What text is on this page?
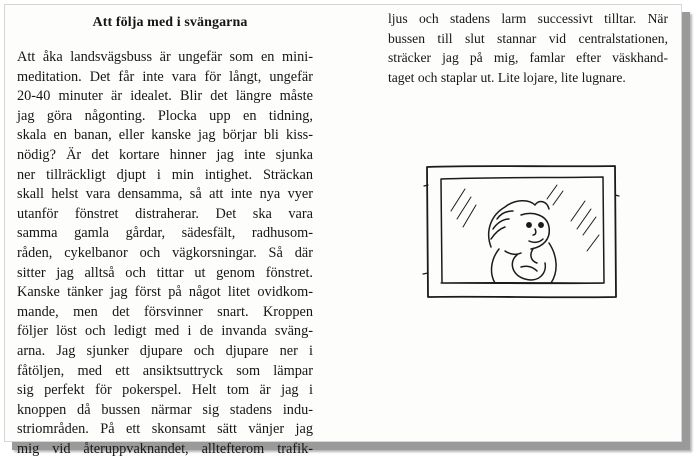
Att följa med i svängarna
Att åka landsvägsbuss är ungefär som en mini-
meditation. Det får inte vara för långt, ungefär
20-40 minuter är idealet. Blir det längre måste
jag göra någonting. Plocka upp en tidning,
skala en banan, eller kanske jag börjar bli kiss-
nödig? Är det kortare hinner jag inte sjunka
ner tillräckligt djupt i min intighet. Sträckan
skall helst vara densamma, så att inte nya vyer
utanför fönstret distraherar. Det ska vara
samma gamla gårdar, sädesfält, radhusom-
råden, cykelbanor och vägkorsningar. Så där
sitter jag alltså och tittar ut genom fönstret.
Kanske tänker jag först på något litet ovidkom-
mande, men det försvinner snart. Kroppen
följer löst och ledigt med i de invanda sväng-
arna. Jag sjunker djupare och djupare ner i
fåtöljen, med ett ansiktsuttryck som lämpar
sig perfekt för pokerspel. Helt tom är jag i
knoppen då bussen närmar sig stadens indu-
striområden. På ett skonsamt sätt vänjer jag
mig vid återuppvaknandet, alltefterom trafik-
ljus och stadens larm successivt tilltar. När
bussen till slut stannar vid centralstationen,
sträcker jag på mig, famlar efter väskhand-
taget och staplar ut. Lite lojare, lite lugnare.
